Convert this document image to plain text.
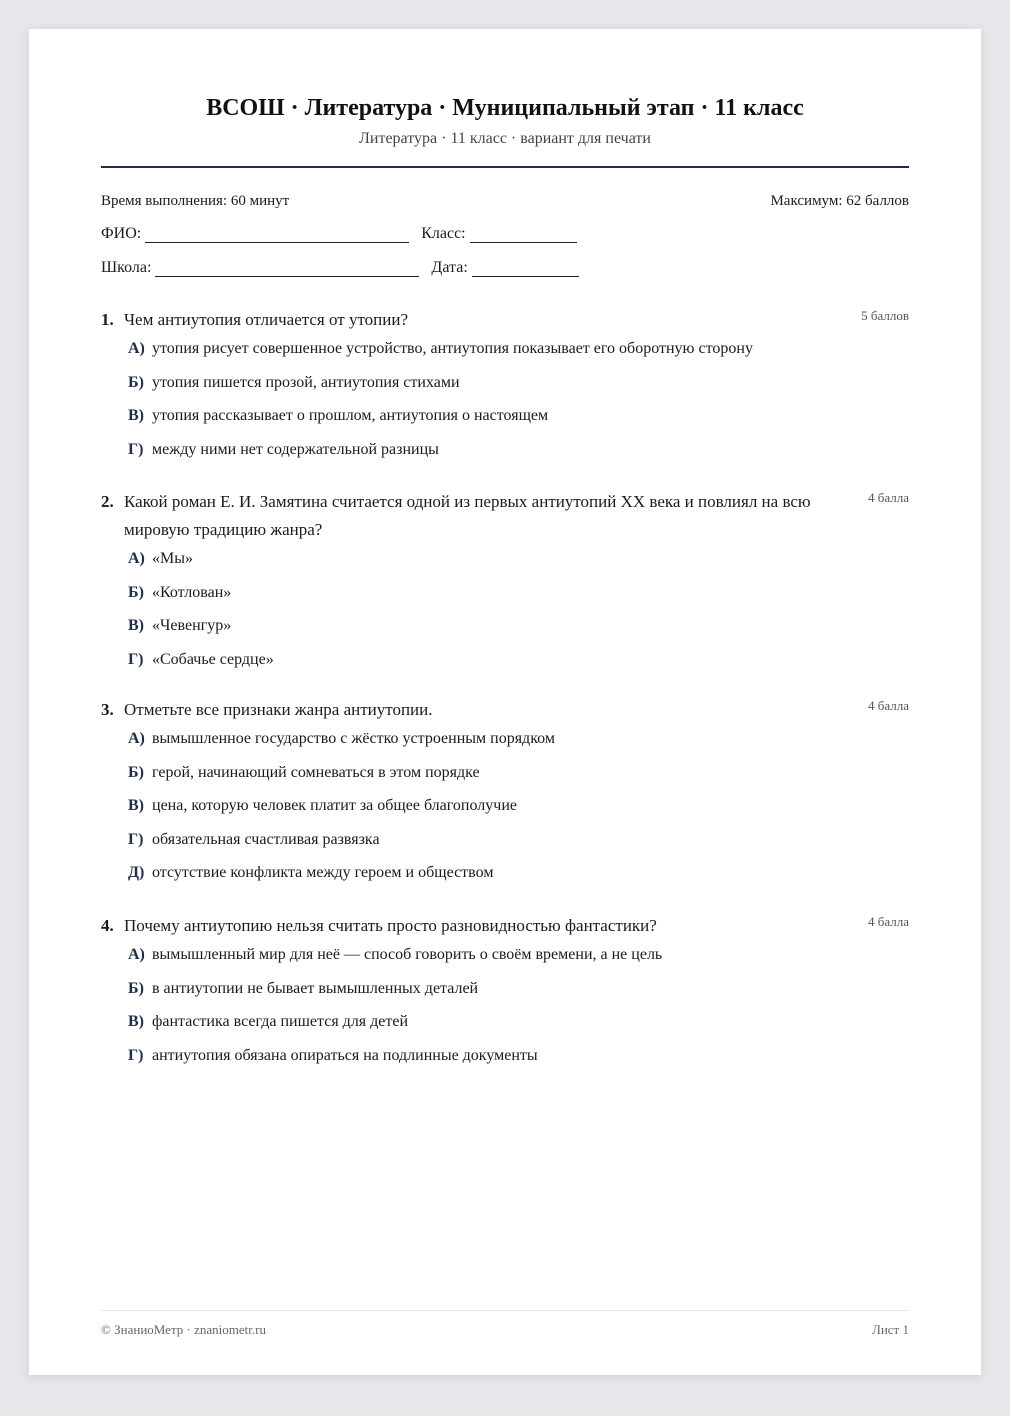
ВСОШ · Литература · Муниципальный этап · 11 класс
Литература · 11 класс · вариант для печати
Время выполнения: 60 минут	Максимум: 62 баллов
ФИО:	Класс:
Школа:	Дата:
1. Чем антиутопия отличается от утопии?	5 баллов
А) утопия рисует совершенное устройство, антиутопия показывает его оборотную сторону
Б) утопия пишется прозой, антиутопия стихами
В) утопия рассказывает о прошлом, антиутопия о настоящем
Г) между ними нет содержательной разницы
2. Какой роман Е. И. Замятина считается одной из первых антиутопий XX века и повлиял на всю мировую традицию жанра?
4 балла
А) «Мы»
Б) «Котлован»
В) «Чевенгур»
Г) «Собачье сердце»
3. Отметьте все признаки жанра антиутопии.	4 балла
А) вымышленное государство с жёстко устроенным порядком
Б) герой, начинающий сомневаться в этом порядке
В) цена, которую человек платит за общее благополучие
Г) обязательная счастливая развязка
Д) отсутствие конфликта между героем и обществом
4. Почему антиутопию нельзя считать просто разновидностью фантастики?	4 балла
А) вымышленный мир для неё — способ говорить о своём времени, а не цель
Б) в антиутопии не бывает вымышленных деталей
В) фантастика всегда пишется для детей
Г) антиутопия обязана опираться на подлинные документы
© ЗнаниоМетр · znaniometr.ru	Лист 1
